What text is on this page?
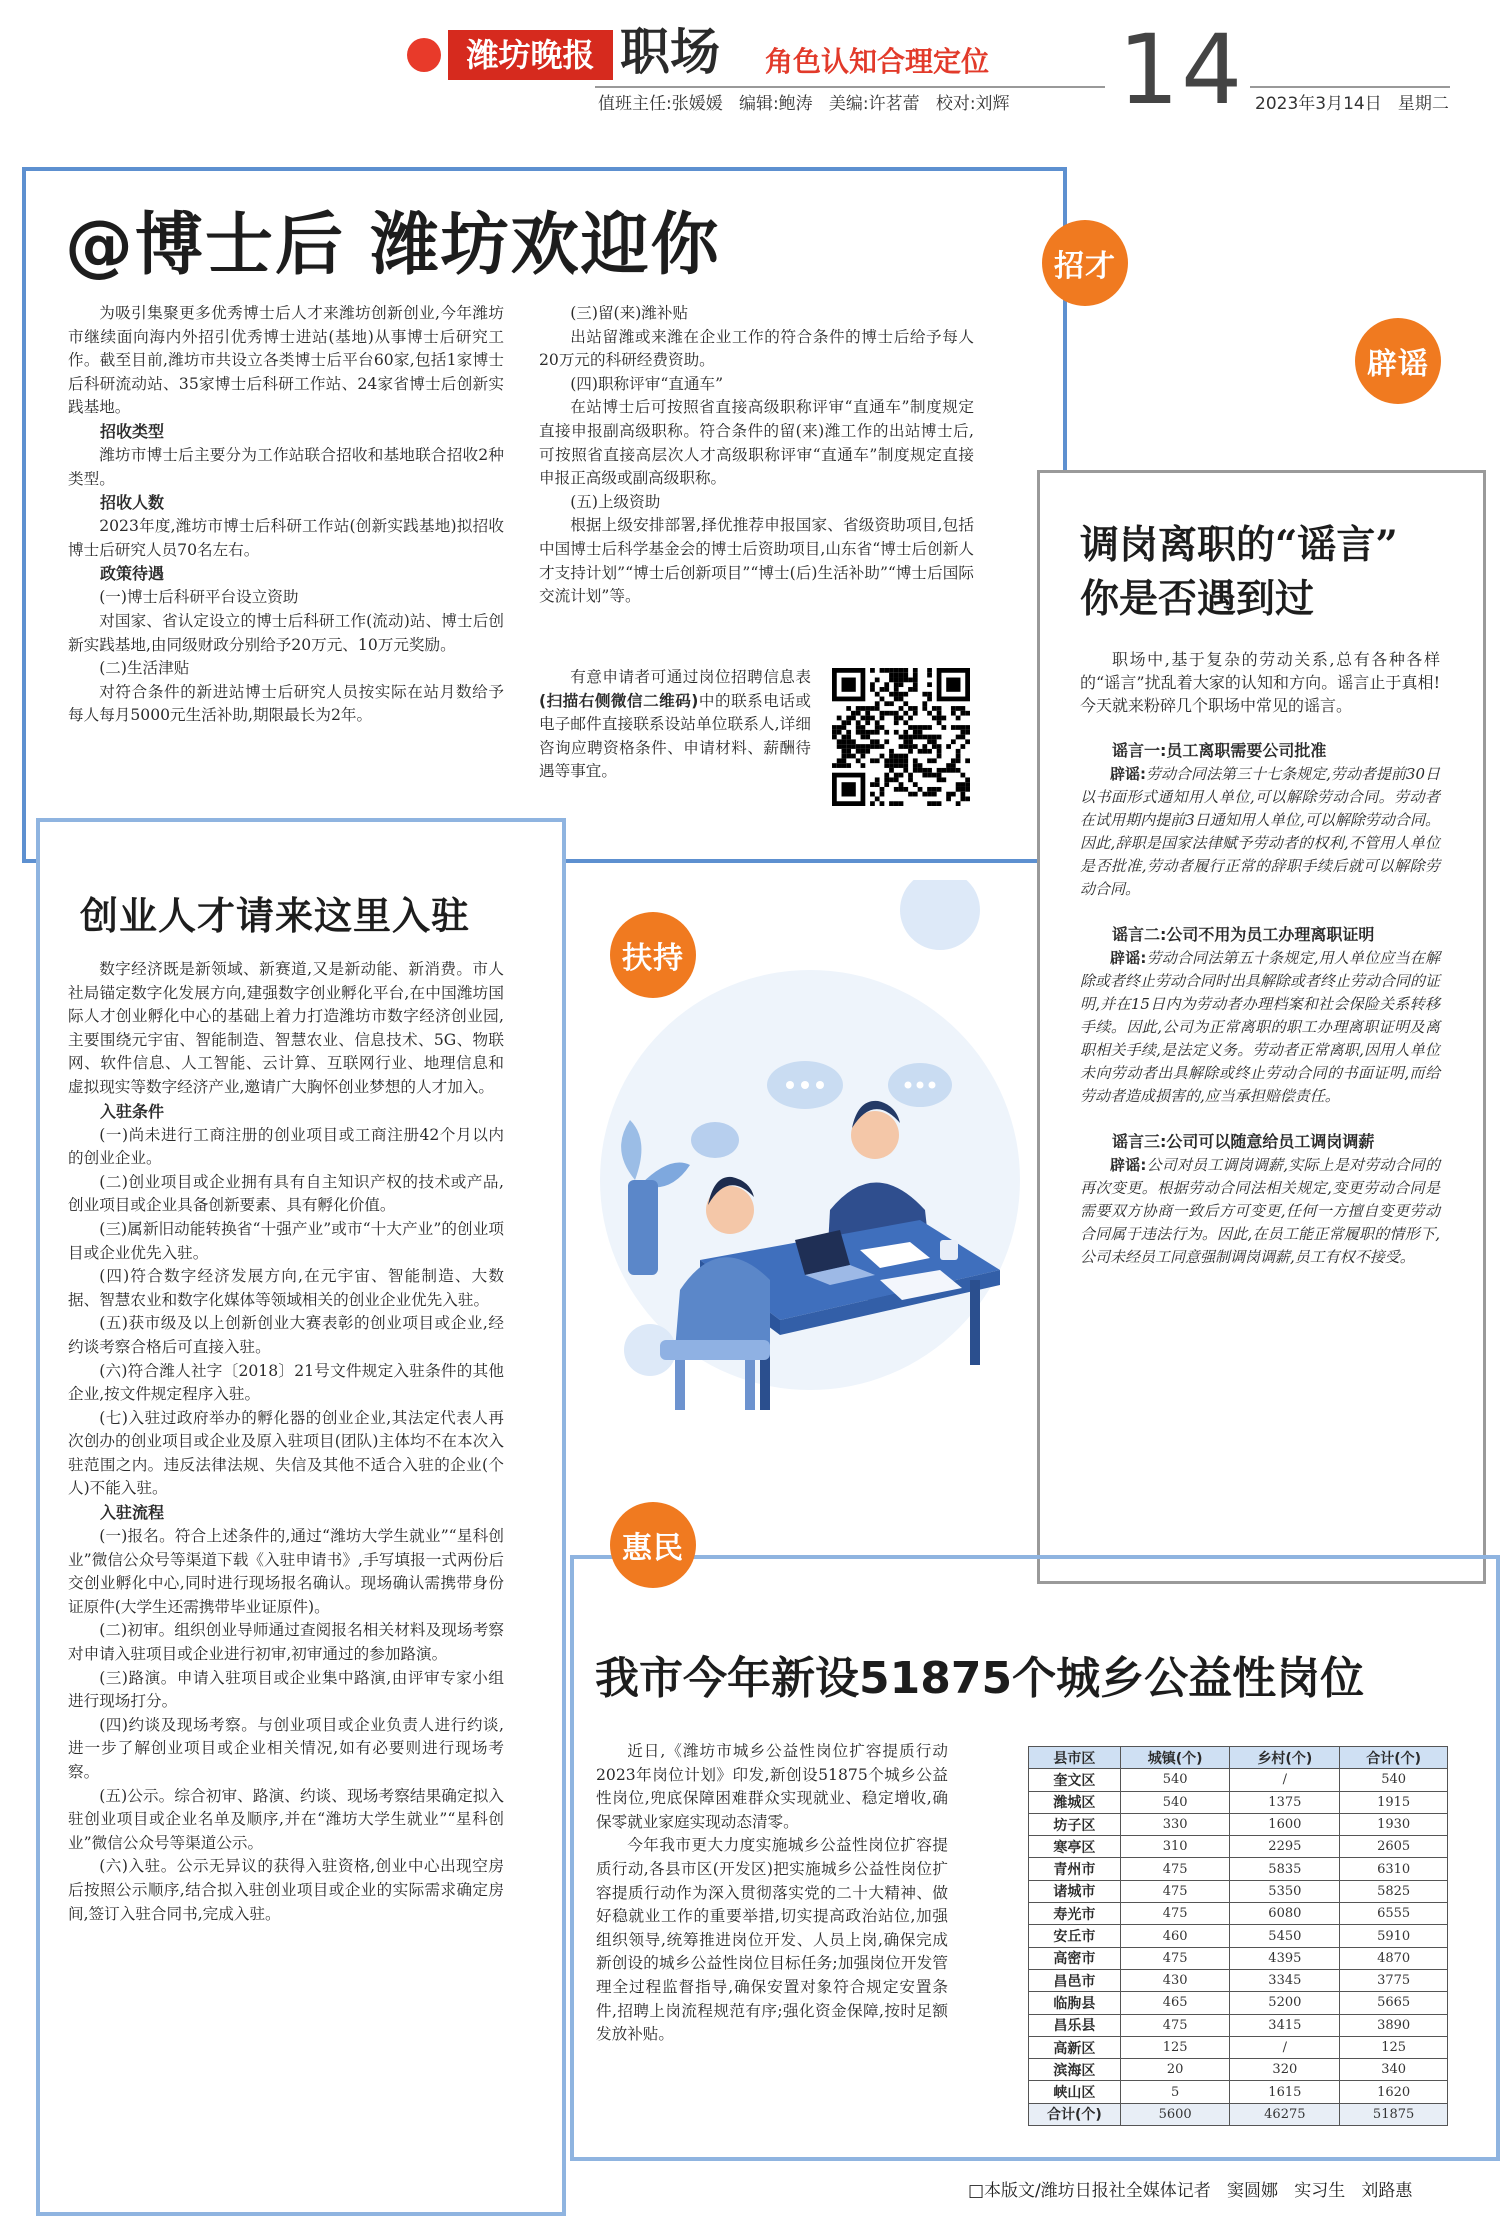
潍坊晚报 职场 角色认知合理定位 14
值班主任:张媛媛   编辑:鲍涛   美编:许茗蕾   校对:刘辉	2023年3月14日   星期二
@博士后 潍坊欢迎你

为吸引集聚更多优秀博士后人才来潍坊创新创业,今年潍坊市继续面向海内外招引优秀博士进站(基地)从事博士后研究工作。截至目前,潍坊市共设立各类博士后平台60家,包括1家博士后科研流动站、35家博士后科研工作站、24家省博士后创新实践基地。

招收类型

潍坊市博士后主要分为工作站联合招收和基地联合招收2种类型。

招收人数

2023年度,潍坊市博士后科研工作站(创新实践基地)拟招收博士后研究人员70名左右。

政策待遇

(一)博士后科研平台设立资助

对国家、省认定设立的博士后科研工作(流动)站、博士后创新实践基地,由同级财政分别给予20万元、10万元奖励。

(二)生活津贴

对符合条件的新进站博士后研究人员按实际在站月数给予每人每月5000元生活补助,期限最长为2年。

(三)留(来)潍补贴

出站留潍或来潍在企业工作的符合条件的博士后给予每人20万元的科研经费资助。

(四)职称评审“直通车”

在站博士后可按照省直接高级职称评审“直通车”制度规定直接申报副高级职称。符合条件的留(来)潍工作的出站博士后,可按照省直接高层次人才高级职称评审“直通车”制度规定直接申报正高级或副高级职称。

(五)上级资助

根据上级安排部署,择优推荐申报国家、省级资助项目,包括中国博士后科学基金会的博士后资助项目,山东省“博士后创新人才支持计划”“博士后创新项目”“博士(后)生活补助”“博士后国际交流计划”等。

有意申请者可通过岗位招聘信息表(扫描右侧微信二维码)中的联系电话或电子邮件直接联系设站单位联系人,详细咨询应聘资格条件、申请材料、薪酬待遇等事宜。

调岗离职的“谣言”
你是否遇到过

职场中,基于复杂的劳动关系,总有各种各样的“谣言”扰乱着大家的认知和方向。谣言止于真相!今天就来粉碎几个职场中常见的谣言。

谣言一:员工离职需要公司批准

辟谣:劳动合同法第三十七条规定,劳动者提前30日以书面形式通知用人单位,可以解除劳动合同。劳动者在试用期内提前3日通知用人单位,可以解除劳动合同。因此,辞职是国家法律赋予劳动者的权利,不管用人单位是否批准,劳动者履行正常的辞职手续后就可以解除劳动合同。

谣言二:公司不用为员工办理离职证明

辟谣:劳动合同法第五十条规定,用人单位应当在解除或者终止劳动合同时出具解除或者终止劳动合同的证明,并在15日内为劳动者办理档案和社会保险关系转移手续。因此,公司为正常离职的职工办理离职证明及离职相关手续,是法定义务。劳动者正常离职,因用人单位未向劳动者出具解除或终止劳动合同的书面证明,而给劳动者造成损害的,应当承担赔偿责任。

谣言三:公司可以随意给员工调岗调薪

辟谣:公司对员工调岗调薪,实际上是对劳动合同的再次变更。根据劳动合同法相关规定,变更劳动合同是需要双方协商一致后方可变更,任何一方擅自变更劳动合同属于违法行为。因此,在员工能正常履职的情形下,公司未经员工同意强制调岗调薪,员工有权不接受。

创业人才请来这里入驻

数字经济既是新领域、新赛道,又是新动能、新消费。市人社局锚定数字化发展方向,建强数字创业孵化平台,在中国潍坊国际人才创业孵化中心的基础上着力打造潍坊市数字经济创业园,主要围绕元宇宙、智能制造、智慧农业、信息技术、5G、物联网、软件信息、人工智能、云计算、互联网行业、地理信息和虚拟现实等数字经济产业,邀请广大胸怀创业梦想的人才加入。

入驻条件

(一)尚未进行工商注册的创业项目或工商注册42个月以内的创业企业。

(二)创业项目或企业拥有具有自主知识产权的技术或产品,创业项目或企业具备创新要素、具有孵化价值。

(三)属新旧动能转换省“十强产业”或市“十大产业”的创业项目或企业优先入驻。

(四)符合数字经济发展方向,在元宇宙、智能制造、大数据、智慧农业和数字化媒体等领域相关的创业企业优先入驻。

(五)获市级及以上创新创业大赛表彰的创业项目或企业,经约谈考察合格后可直接入驻。

(六)符合潍人社字〔2018〕21号文件规定入驻条件的其他企业,按文件规定程序入驻。

(七)入驻过政府举办的孵化器的创业企业,其法定代表人再次创办的创业项目或企业及原入驻项目(团队)主体均不在本次入驻范围之内。违反法律法规、失信及其他不适合入驻的企业(个人)不能入驻。

入驻流程

(一)报名。符合上述条件的,通过“潍坊大学生就业”“星科创业”微信公众号等渠道下载《入驻申请书》,手写填报一式两份后交创业孵化中心,同时进行现场报名确认。现场确认需携带身份证原件(大学生还需携带毕业证原件)。

(二)初审。组织创业导师通过查阅报名相关材料及现场考察对申请入驻项目或企业进行初审,初审通过的参加路演。

(三)路演。申请入驻项目或企业集中路演,由评审专家小组进行现场打分。

(四)约谈及现场考察。与创业项目或企业负责人进行约谈,进一步了解创业项目或企业相关情况,如有必要则进行现场考察。

(五)公示。综合初审、路演、约谈、现场考察结果确定拟入驻创业项目或企业名单及顺序,并在“潍坊大学生就业”“星科创业”微信公众号等渠道公示。

(六)入驻。公示无异议的获得入驻资格,创业中心出现空房后按照公示顺序,结合拟入驻创业项目或企业的实际需求确定房间,签订入驻合同书,完成入驻。

我市今年新设51875个城乡公益性岗位

近日,《潍坊市城乡公益性岗位扩容提质行动2023年岗位计划》印发,新创设51875个城乡公益性岗位,兜底保障困难群众实现就业、稳定增收,确保零就业家庭实现动态清零。

今年我市更大力度实施城乡公益性岗位扩容提质行动,各县市区(开发区)把实施城乡公益性岗位扩容提质行动作为深入贯彻落实党的二十大精神、做好稳就业工作的重要举措,切实提高政治站位,加强组织领导,统筹推进岗位开发、人员上岗,确保完成新创设的城乡公益性岗位目标任务;加强岗位开发管理全过程监督指导,确保安置对象符合规定安置条件,招聘上岗流程规范有序;强化资金保障,按时足额发放补贴。

县市区	城镇(个)	乡村(个)	合计(个)
奎文区	540	/	540
潍城区	540	1375	1915
坊子区	330	1600	1930
寒亭区	310	2295	2605
青州市	475	5835	6310
诸城市	475	5350	5825
寿光市	475	6080	6555
安丘市	460	5450	5910
高密市	475	4395	4870
昌邑市	430	3345	3775
临朐县	465	5200	5665
昌乐县	475	3415	3890
高新区	125	/	125
滨海区	20	320	340
峡山区	5	1615	1620
合计(个)	5600	46275	51875
招才
辟谣
扶持
惠民
□本版文/潍坊日报社全媒体记者   窦圆娜   实习生   刘路惠
